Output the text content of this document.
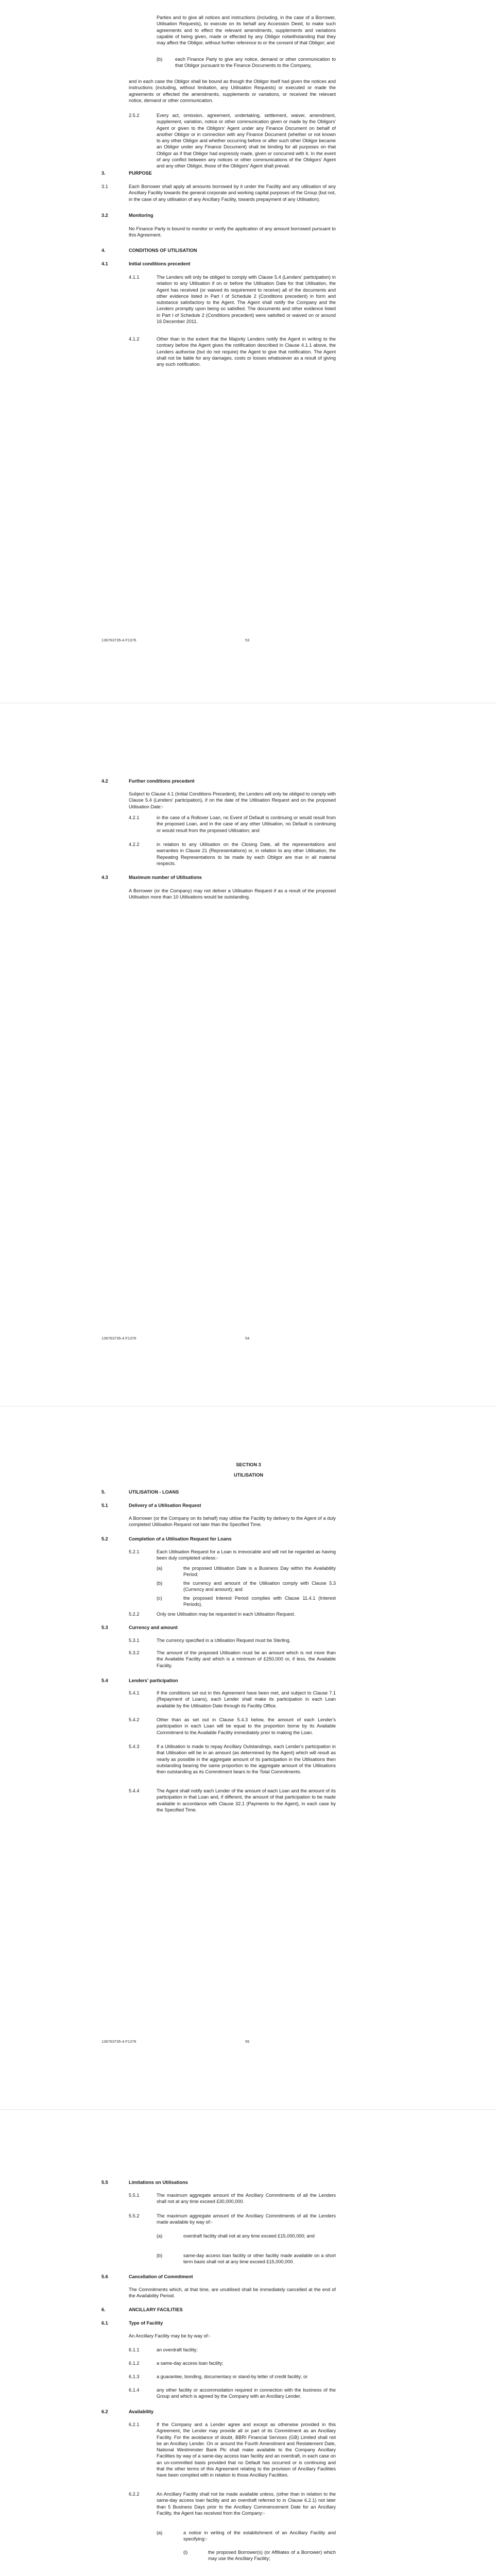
Parties and to give all notices and instructions (including, in the case of a Borrower, Utilisation Requests), to execute on its behalf any Accession Deed, to make such agreements and to effect the relevant amendments, supplements and variations capable of being given, made or effected by any Obligor notwithstanding that they may affect the Obligor, without further reference to or the consent of that Obligor; and

(b)	each Finance Party to give any notice, demand or other communication to that Obligor pursuant to the Finance Documents to the Company,

and in each case the Obligor shall be bound as though the Obligor itself had given the notices and instructions (including, without limitation, any Utilisation Requests) or executed or made the agreements or effected the amendments, supplements or variations, or received the relevant notice, demand or other communication.

2.5.2	Every act, omission, agreement, undertaking, settlement, waiver, amendment, supplement, variation, notice or other communication given or made by the Obligors' Agent or given to the Obligors' Agent under any Finance Document on behalf of another Obligor or in connection with any Finance Document (whether or not known to any other Obligor and whether occurring before or after such other Obligor became an Obligor under any Finance Document) shall be binding for all purposes on that Obligor as if that Obligor had expressly made, given or concurred with it. In the event of any conflict between any notices or other communications of the Obligors' Agent and any other Obligor, those of the Obligors' Agent shall prevail.

3.	PURPOSE

3.1	Each Borrower shall apply all amounts borrowed by it under the Facility and any utilisation of any Ancillary Facility towards the general corporate and working capital purposes of the Group (but not, in the case of any utilisation of any Ancillary Facility, towards prepayment of any Utilisation).

3.2	Monitoring

No Finance Party is bound to monitor or verify the application of any amount borrowed pursuant to this Agreement.

4.	CONDITIONS OF UTILISATION

4.1	Initial conditions precedent

4.1.1	The Lenders will only be obliged to comply with Clause 5.4 (Lenders' participation) in relation to any Utilisation if on or before the Utilisation Date for that Utilisation, the Agent has received (or waived its requirement to receive) all of the documents and other evidence listed in Part I of Schedule 2 (Conditions precedent) in form and substance satisfactory to the Agent. The Agent shall notify the Company and the Lenders promptly upon being so satisfied. The documents and other evidence listed in Part I of Schedule 2 (Conditions precedent) were satisfied or waived on or around 16 December 2011.

4.1.2	Other than to the extent that the Majority Lenders notify the Agent in writing to the contrary before the Agent gives the notification described in Clause 4.1.1 above, the Lenders authorise (but do not require) the Agent to give that notification. The Agent shall not be liable for any damages, costs or losses whatsoever as a result of giving any such notification.

136763735-4.F1376	53

4.2	Further conditions precedent

Subject to Clause 4.1 (Initial Conditions Precedent), the Lenders will only be obliged to comply with Clause 5.4 (Lenders' participation), if on the date of the Utilisation Request and on the proposed Utilisation Date:-

4.2.1	in the case of a Rollover Loan, no Event of Default is continuing or would result from the proposed Loan, and in the case of any other Utilisation, no Default is continuing or would result from the proposed Utilisation; and

4.2.2	in relation to any Utilisation on the Closing Date, all the representations and warranties in Clause 21 (Representations) or, in relation to any other Utilisation, the Repeating Representations to be made by each Obligor are true in all material respects.

4.3	Maximum number of Utilisations

A Borrower (or the Company) may not deliver a Utilisation Request if as a result of the proposed Utilisation more than 10 Utilisations would be outstanding.

136763735-4.F1376	54

SECTION 3

UTILISATION

5.	UTILISATION - LOANS

5.1	Delivery of a Utilisation Request

A Borrower (or the Company on its behalf) may utilise the Facility by delivery to the Agent of a duly completed Utilisation Request not later than the Specified Time.

5.2	Completion of a Utilisation Request for Loans

5.2.1	Each Utilisation Request for a Loan is irrevocable and will not be regarded as having been duly completed unless:-

(a)	the proposed Utilisation Date is a Business Day within the Availability Period;

(b)	the currency and amount of the Utilisation comply with Clause 5.3 (Currency and amount); and

(c)	the proposed Interest Period complies with Clause 11.4.1 (Interest Periods).

5.2.2	Only one Utilisation may be requested in each Utilisation Request.

5.3	Currency and amount

5.3.1	The currency specified in a Utilisation Request must be Sterling.

5.3.2	The amount of the proposed Utilisation must be an amount which is not more than the Available Facility and which is a minimum of £250,000 or, if less, the Available Facility.

5.4	Lenders' participation

5.4.1	If the conditions set out in this Agreement have been met, and subject to Clause 7.1 (Repayment of Loans), each Lender shall make its participation in each Loan available by the Utilisation Date through its Facility Office.

5.4.2	Other than as set out in Clause 5.4.3 below, the amount of each Lender's participation in each Loan will be equal to the proportion borne by its Available Commitment to the Available Facility immediately prior to making the Loan.

5.4.3	If a Utilisation is made to repay Ancillary Outstandings, each Lender's participation in that Utilisation will be in an amount (as determined by the Agent) which will result as nearly as possible in the aggregate amount of its participation in the Utilisations then outstanding bearing the same proportion to the aggregate amount of the Utilisations then outstanding as its Commitment bears to the Total Commitments.

5.4.4	The Agent shall notify each Lender of the amount of each Loan and the amount of its participation in that Loan and, if different, the amount of that participation to be made available in accordance with Clause 32.1 (Payments to the Agent), in each case by the Specified Time.

136763735-4.F1376	55

5.5	Limitations on Utilisations

5.5.1	The maximum aggregate amount of the Ancillary Commitments of all the Lenders shall not at any time exceed £30,000,000.

5.5.2	The maximum aggregate amount of the Ancillary Commitments of all the Lenders made available by way of:-

(a)	overdraft facility shall not at any time exceed £15,000,000; and

(b)	same-day access loan facility or other facility made available on a short term basis shall not at any time exceed £15,000,000.

5.6	Cancellation of Commitment

The Commitments which, at that time, are unutilised shall be immediately cancelled at the end of the Availability Period.

6.	ANCILLARY FACILITIES

6.1	Type of Facility

An Ancillary Facility may be by way of:-

6.1.1	an overdraft facility;

6.1.2	a same-day access loan facility;

6.1.3	a guarantee, bonding, documentary or stand-by letter of credit facility; or

6.1.4	any other facility or accommodation required in connection with the business of the Group and which is agreed by the Company with an Ancillary Lender.

6.2	Availability

6.2.1	If the Company and a Lender agree and except as otherwise provided in this Agreement, the Lender may provide all or part of its Commitment as an Ancillary Facility. For the avoidance of doubt, BBRI Financial Services (GB) Limited shall not be an Ancillary Lender. On or around the Fourth Amendment and Restatement Date, National Westminster Bank Plc shall make available to the Company Ancillary Facilities by way of a same-day access loan facility and an overdraft, in each case on an un-committed basis provided that no Default has occurred or is continuing and that the other terms of this Agreement relating to the provision of Ancillary Facilities have been complied with in relation to those Ancillary Facilities.

6.2.2	An Ancillary Facility shall not be made available unless, (other than in relation to the same-day access loan facility and an overdraft referred to in Clause 6.2.1) not later than 5 Business Days prior to the Ancillary Commencement Date for an Ancillary Facility, the Agent has received from the Company:-

(a)	a notice in writing of the establishment of an Ancillary Facility and specifying:-

(i)	the proposed Borrower(s) (or Affiliates of a Borrower) which may use the Ancillary Facility;
